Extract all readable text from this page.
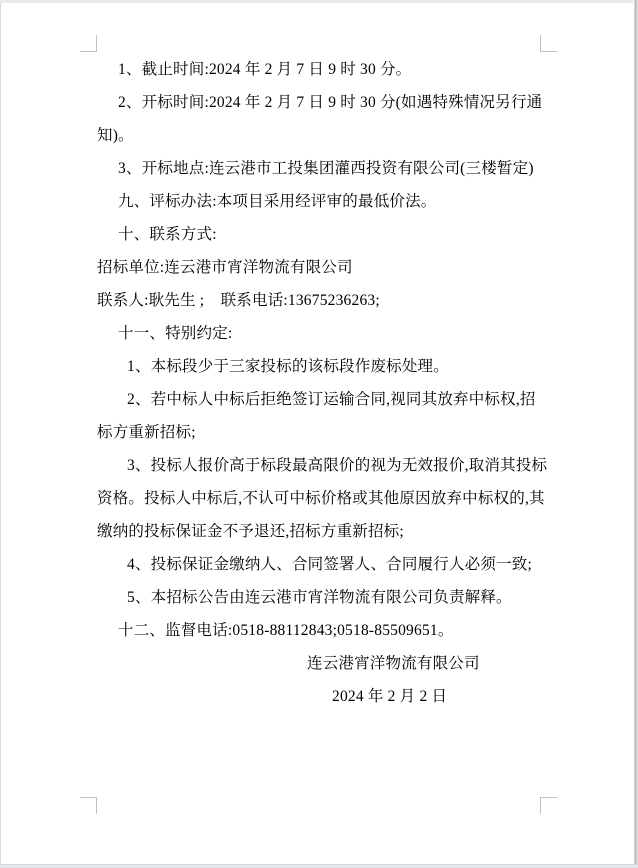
1、截止时间:2024 年 2 月 7 日 9 时 30 分。
2、开标时间:2024 年 2 月 7 日 9 时 30 分(如遇特殊情况另行通
知)。
3、开标地点:连云港市工投集团灌西投资有限公司(三楼暂定)
九、评标办法:本项目采用经评审的最低价法。
十、联系方式:
招标单位:连云港市宵洋物流有限公司
联系人:耿先生 ;    联系电话:13675236263;
十一、特别约定:
1、本标段少于三家投标的该标段作废标处理。
2、若中标人中标后拒绝签订运输合同,视同其放弃中标权,招
标方重新招标;
3、投标人报价高于标段最高限价的视为无效报价,取消其投标
资格。投标人中标后,不认可中标价格或其他原因放弃中标权的,其
缴纳的投标保证金不予退还,招标方重新招标;
4、投标保证金缴纳人、合同签署人、合同履行人必须一致;
5、本招标公告由连云港市宵洋物流有限公司负责解释。
十二、监督电话:0518-88112843;0518-85509651。
连云港宵洋物流有限公司
2024 年 2 月 2 日
